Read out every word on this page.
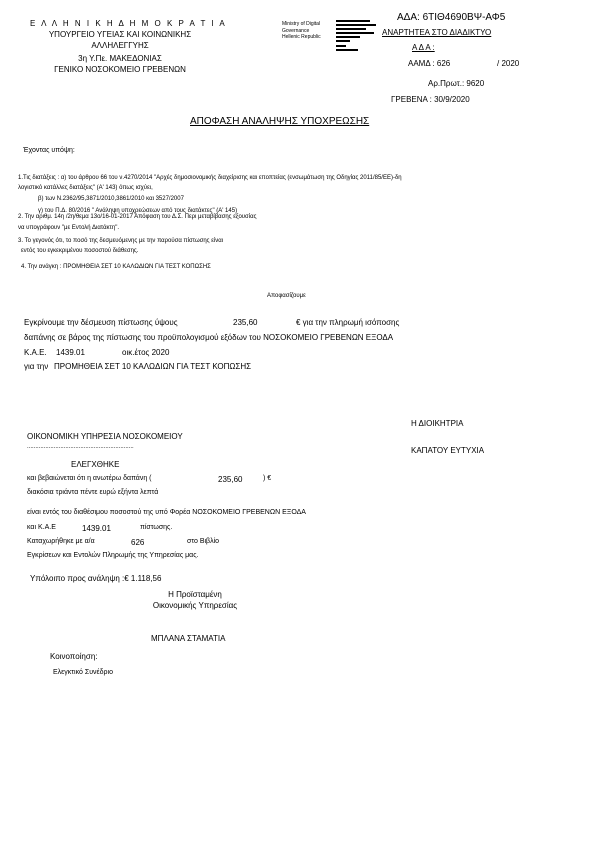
Ε Λ Λ Η Ν Ι Κ Η Δ Η Μ Ο Κ Ρ Α Τ Ι Α
ΥΠΟΥΡΓΕΙΟ ΥΓΕΙΑΣ ΚΑΙ ΚΟΙΝΩΝΙΚΗΣ
ΑΛΛΗΛΕΓΓΥΗΣ
3η Υ.Πε. ΜΑΚΕΔΟΝΙΑΣ
ΓΕΝΙΚΟ ΝΟΣΟΚΟΜΕΙΟ ΓΡΕΒΕΝΩΝ
Ministry of Digital
Governance
Hellenic Republic
ΑΔΑ: 6ΤΙΘ4690ΒΨ-ΑΦ5
ΑΝΑΡΤΗΤΕΑ ΣΤΟ ΔΙΑΔΙΚΤΥΟ
Α Δ Α :
ΑΑΜΔ : 626	/ 2020
Αρ.Πρωτ.: 9620
ΓΡΕΒΕΝΑ : 30/9/2020
ΑΠΟΦΑΣΗ ΑΝΑΛΗΨΗΣ ΥΠΟΧΡΕΩΣΗΣ
Έχοντας υπόψη:
1.Τις διατάξεις : α) του άρθρου 66 του ν.4270/2014 "Αρχές δημοσιονομικής διαχείρισης και εποπτείας (ενσωμάτωση της Οδηγίας 2011/85/ΕΕ)-δη
λογιστικό κατάλλες διατάξεις" (Α' 143) όπως ισχύει,
β) των Ν.2362/95,3871/2010,3861/2010 και 3527/2007
γ) του Π.Δ. 80/2016 " Ανάληψη υποχρεώσεων από τους διατάκτες" (Α' 145)
2. Την αριθμ. 14η /2η/θεμα 13ο/16-01-2017 Απόφαση του Δ.Σ. Περι μεταβίβασης εξουσίας
να υπογράφουν "με Εντολή Διατάκτη".
3. Το γεγονός ότι, το ποσό της δεσμευόμενης με την παρούσα πίστωσης είναι
εντός του εγκεκριμένου ποσοστού διάθεσης.
4. Την ανάγκη : ΠΡΟΜΗΘΕΙΑ ΣΕΤ 10 ΚΑΛΩΔΙΩΝ ΓΙΑ ΤΕΣΤ ΚΟΠΩΣΗΣ
Αποφασίζουμε
Εγκρίνουμε την δέσμευση πίστωσης ύψους	235,60	€ για την πληρωμή ισόποσης
δαπάνης σε βάρος της πίστωσης του προϋπολογισμού εξόδων του ΝΟΣΟΚΟΜΕΙΟ ΓΡΕΒΕΝΩΝ ΕΞΟΔΑ
Κ.Α.Ε. 1439.01	οικ.έτος 2020
για την ΠΡΟΜΗΘΕΙΑ ΣΕΤ 10 ΚΑΛΩΔΙΩΝ ΓΙΑ ΤΕΣΤ ΚΟΠΩΣΗΣ
Η ΔΙΟΙΚΗΤΡΙΑ
ΚΑΠΑΤΟΥ ΕΥΤΥΧΙΑ
ΟΙΚΟΝΟΜΙΚΗ ΥΠΗΡΕΣΙΑ ΝΟΣΟΚΟΜΕΙΟΥ
................................................................
ΕΛΕΓΧΘΗΚΕ
και βεβαιώνεται ότι η ανωτέρω δαπάνη (	235,60	) €
διακόσια τριάντα πέντε ευρώ εξήντα λεπτά
είναι εντός του διαθέσιμου ποσοστού της υπό Φορέα ΝΟΣΟΚΟΜΕΙΟ ΓΡΕΒΕΝΩΝ ΕΞΟΔΑ
και Κ.Α.Ε	1439.01	πίστωσης.
Καταχωρήθηκε με α/α	626	στο Βιβλίο
Εγκρίσεων και Εντολών Πληρωμής της Υπηρεσίας μας.
Υπόλοιπο προς ανάληψη :€ 1.118,56
Η Προϊσταμένη
Οικονομικής Υπηρεσίας
ΜΠΛΑΝΑ ΣΤΑΜΑΤΙΑ
Κοινοποίηση:
Ελεγκτικό Συνέδριο
